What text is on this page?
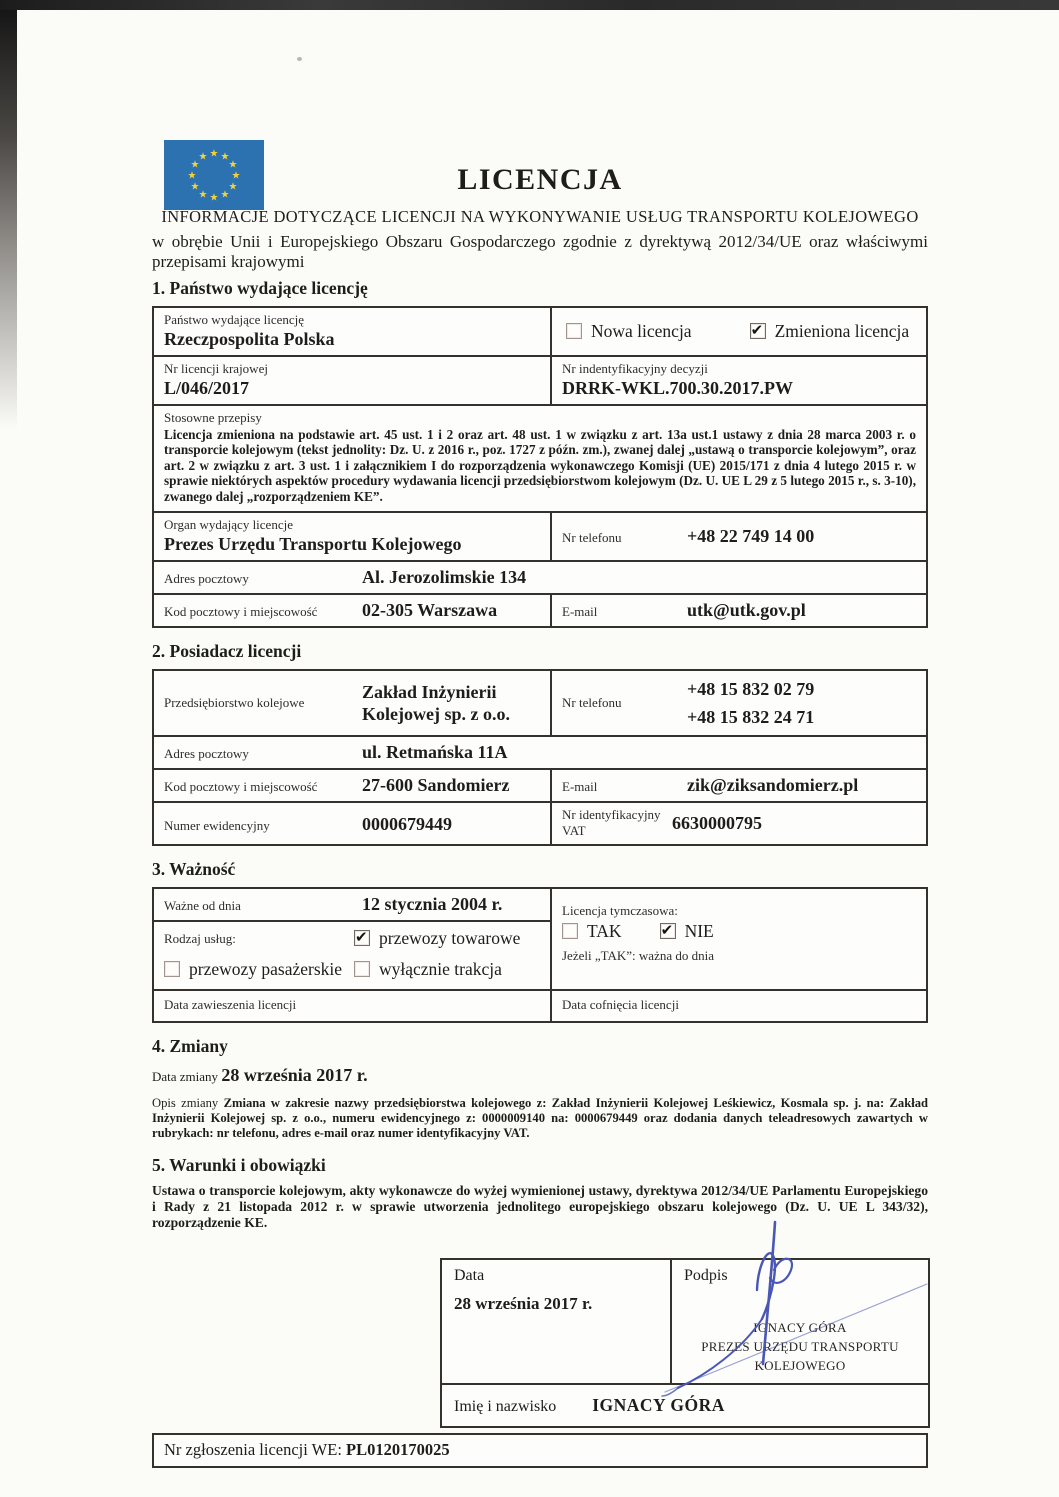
★ ★
★
★
★
★
★
★
★
★
★
★
LICENCJA
INFORMACJE DOTYCZĄCE LICENCJI NA WYKONYWANIE USŁUG TRANSPORTU KOLEJOWEGO

w obrębie Unii i Europejskiego Obszaru Gospodarczego zgodnie z dyrektywą 2012/34/UE oraz właściwymi przepisami krajowymi

1. Państwo wydające licencję
Państwo wydające licencję
Rzeczpospolita Polska	Nowa licencja ✔	Zmieniona licencja
Nr licencji krajowej
L/046/2017
Nr indentyfikacyjny decyzji
DRRK-WKL.700.30.2017.PW
Stosowne przepisy

Licencja zmieniona na podstawie art. 45 ust. 1 i 2 oraz art. 48 ust. 1 w związku z art. 13a ust.1 ustawy z dnia 28 marca 2003 r. o transporcie kolejowym (tekst jednolity: Dz. U. z 2016 r., poz. 1727 z późn. zm.), zwanej dalej „ustawą o transporcie kolejowym”, oraz art. 2 w związku z art. 3 ust. 1 i załącznikiem I do rozporządzenia wykonawczego Komisji (UE) 2015/171 z dnia 4 lutego 2015 r. w sprawie niektórych aspektów procedury wydawania licencji przedsiębiorstwom kolejowym (Dz. U. UE L 29 z 5 lutego 2015 r., s. 3-10), zwanego dalej „rozporządzeniem KE”.

Organ wydający licencje
Prezes Urzędu Transportu Kolejowego	Nr telefonu	+48 22 749 14 00
Adres pocztowy	Al. Jerozolimskie 134
Kod pocztowy i miejscowość	02-305 Warszawa	E-mail	utk@utk.gov.pl
2. Posiadacz licencji
Przedsiębiorstwo kolejowe
Zakład Inżynierii Kolejowej sp. z o.o.
Nr telefonu
+48 15 832 02 79 +48 15 832 24 71
Adres pocztowy	ul. Retmańska 11A
Kod pocztowy i miejscowość	27-600 Sandomierz	E-mail	zik@ziksandomierz.pl
Numer ewidencyjny	0000679449	Nr identyfikacyjny VAT	6630000795
3. Ważność
Ważne od dnia	12 stycznia 2004 r.
Rodzaj usług: ✔	przewozy towarowe
przewozy pasażerskie	wyłącznie trakcja
Licencja tymczasowa:
TAK ✔	NIE
Jeżeli „TAK”: ważna do dnia
Data zawieszenia licencji	Data cofnięcia licencji
4. Zmiany

Data zmiany 28 września 2017 r.

Opis zmiany Zmiana w zakresie nazwy przedsiębiorstwa kolejowego z: Zakład Inżynierii Kolejowej Leśkiewicz, Kosmala sp. j. na: Zakład Inżynierii Kolejowej sp. z o.o., numeru ewidencyjnego z: 0000009140 na: 0000679449 oraz dodania danych teleadresowych zawartych w rubrykach: nr telefonu, adres e-mail oraz numer identyfikacyjny VAT.

5. Warunki i obowiązki

Ustawa o transporcie kolejowym, akty wykonawcze do wyżej wymienionej ustawy, dyrektywa 2012/34/UE Parlamentu Europejskiego i Rady z 21 listopada 2012 r. w sprawie utworzenia jednolitego europejskiego obszaru kolejowego (Dz. U. UE L 343/32), rozporządzenie KE.

Data
28 września 2017 r.
Podpis
IGNACY GÓRA
PREZES URZĘDU TRANSPORTU
KOLEJOWEGO
Imię i nazwisko IGNACY GÓRA
Nr zgłoszenia licencji WE: PL0120170025
